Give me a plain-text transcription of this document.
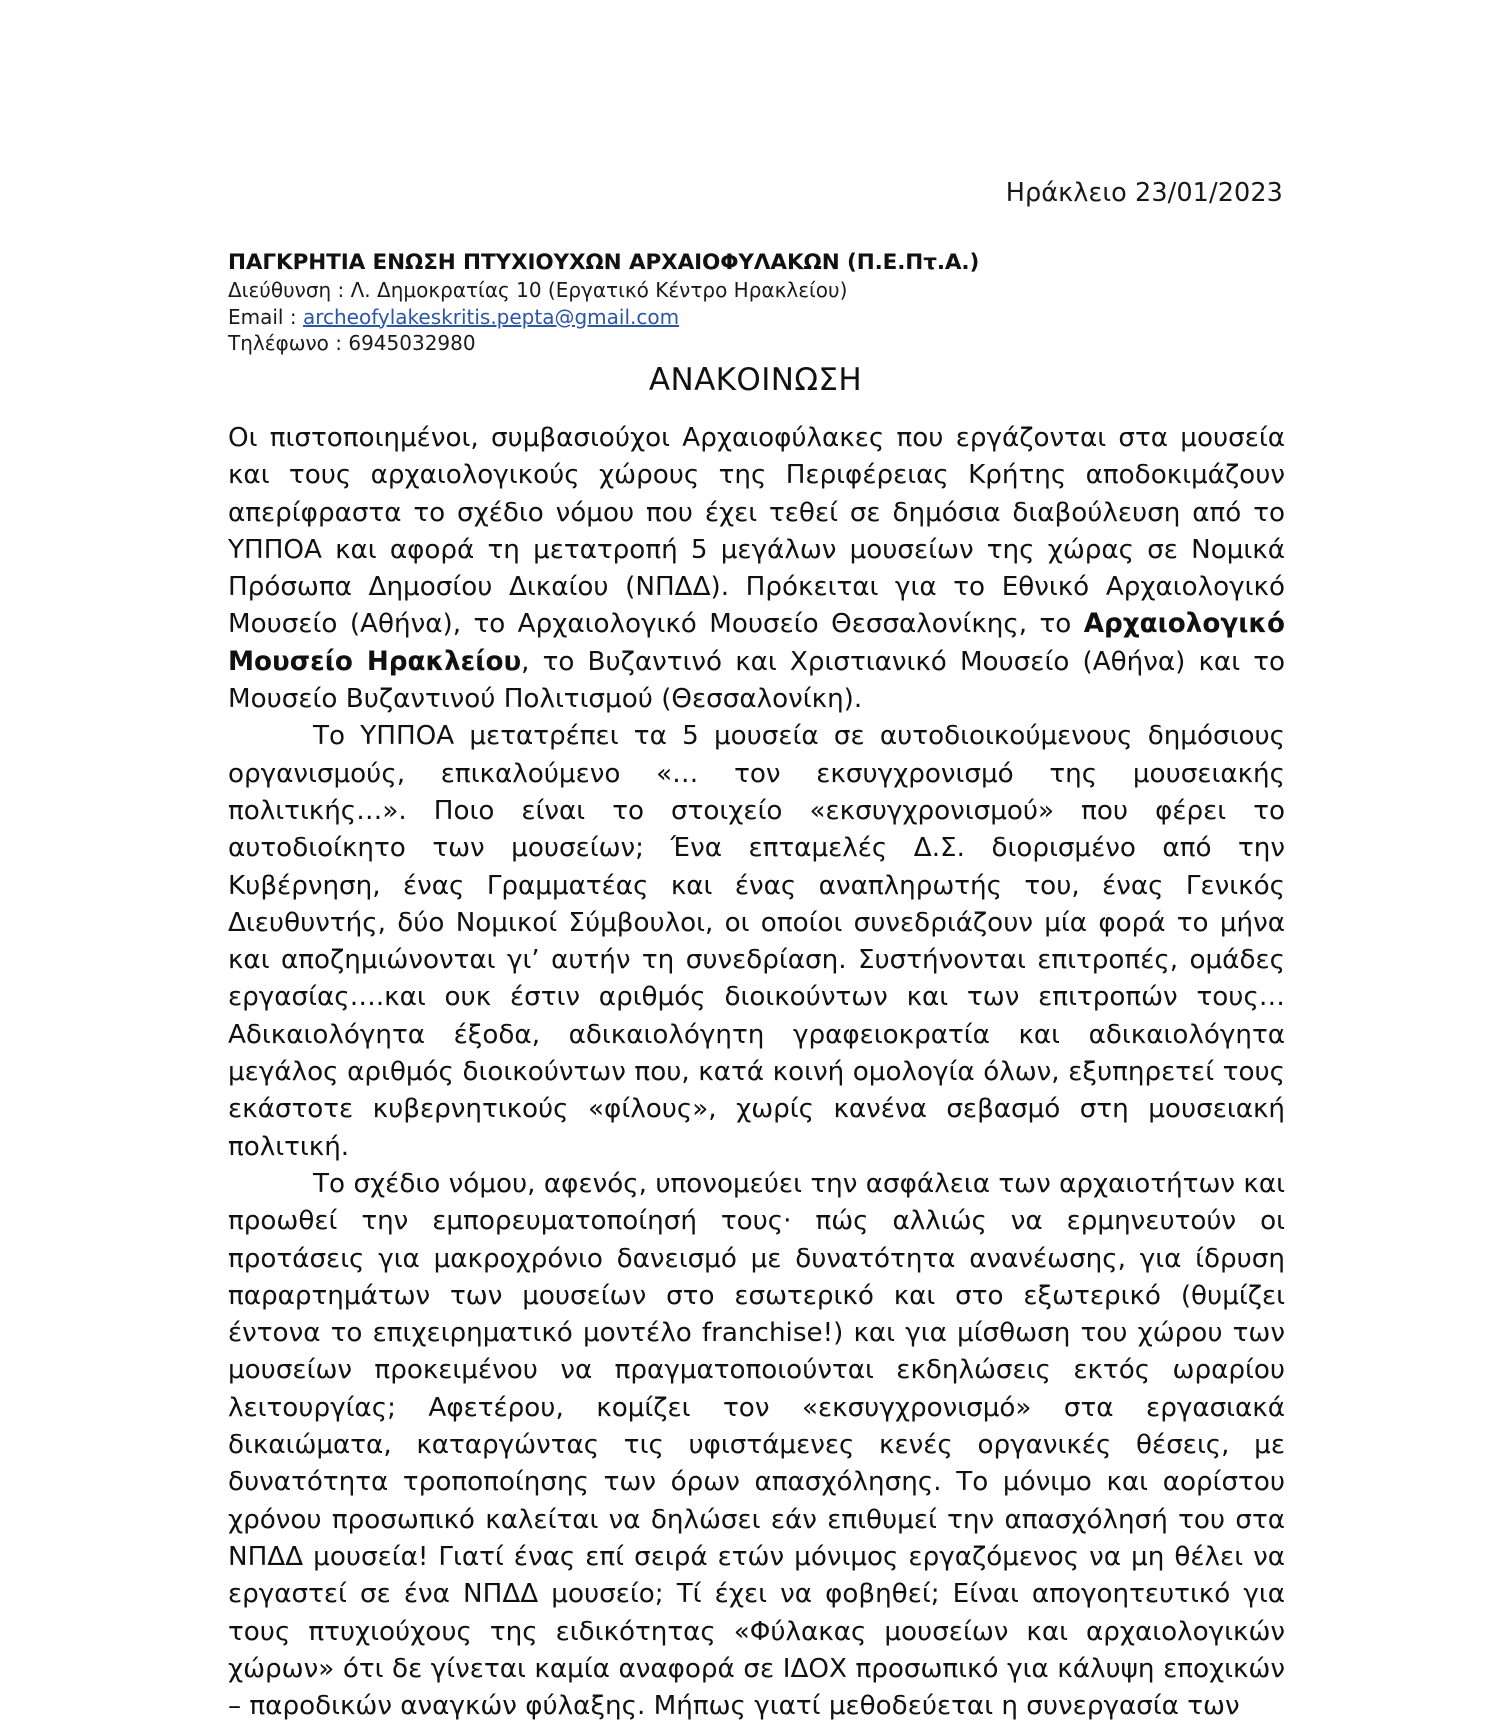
Ηράκλειο 23/01/2023
ΠΑΓΚΡΗΤΙΑ ΕΝΩΣΗ ΠΤΥΧΙΟΥΧΩΝ ΑΡΧΑΙΟΦΥΛΑΚΩΝ (Π.Ε.Πτ.Α.)
Διεύθυνση : Λ. Δημοκρατίας 10 (Εργατικό Κέντρο Ηρακλείου)
Email : archeofylakeskritis.pepta@gmail.com
Τηλέφωνο : 6945032980
ΑΝΑΚΟΙΝΩΣΗ

Οι πιστοποιημένοι, συμβασιούχοι Αρχαιοφύλακες που εργάζονται στα μουσεία και τους αρχαιολογικούς χώρους της Περιφέρειας Κρήτης αποδοκιμάζουν απερίφραστα το σχέδιο νόμου που έχει τεθεί σε δημόσια διαβούλευση από το ΥΠΠΟΑ και αφορά τη μετατροπή 5 μεγάλων μουσείων της χώρας σε Νομικά Πρόσωπα Δημοσίου Δικαίου (ΝΠΔΔ). Πρόκειται για το Εθνικό Αρχαιολογικό Μουσείο (Αθήνα), το Αρχαιολογικό Μουσείο Θεσσαλονίκης, το Αρχαιολογικό Μουσείο Ηρακλείου, το Βυζαντινό και Χριστιανικό Μουσείο (Αθήνα) και το Μουσείο Βυζαντινού Πολιτισμού (Θεσσαλονίκη).

Το ΥΠΠΟΑ μετατρέπει τα 5 μουσεία σε αυτοδιοικούμενους δημόσιους οργανισμούς, επικαλούμενο «… τον εκσυγχρονισμό της μουσειακής πολιτικής…». Ποιο είναι το στοιχείο «εκσυγχρονισμού» που φέρει το αυτοδιοίκητο των μουσείων; Ένα επταμελές Δ.Σ. διορισμένο από την Κυβέρνηση, ένας Γραμματέας και ένας αναπληρωτής του, ένας Γενικός Διευθυντής, δύο Νομικοί Σύμβουλοι, οι οποίοι συνεδριάζουν μία φορά το μήνα και αποζημιώνονται γι’ αυτήν τη συνεδρίαση. Συστήνονται επιτροπές, ομάδες εργασίας….και ουκ έστιν αριθμός διοικούντων και των επιτροπών τους… Αδικαιολόγητα έξοδα, αδικαιολόγητη γραφειοκρατία και αδικαιολόγητα μεγάλος αριθμός διοικούντων που, κατά κοινή ομολογία όλων, εξυπηρετεί τους εκάστοτε κυβερνητικούς «φίλους», χωρίς κανένα σεβασμό στη μουσειακή πολιτική.

Το σχέδιο νόμου, αφενός, υπονομεύει την ασφάλεια των αρχαιοτήτων και προωθεί την εμπορευματοποίησή τους· πώς αλλιώς να ερμηνευτούν οι προτάσεις για μακροχρόνιο δανεισμό με δυνατότητα ανανέωσης, για ίδρυση παραρτημάτων των μουσείων στο εσωτερικό και στο εξωτερικό (θυμίζει έντονα το επιχειρηματικό μοντέλο franchise!) και για μίσθωση του χώρου των μουσείων προκειμένου να πραγματοποιούνται εκδηλώσεις εκτός ωραρίου λειτουργίας; Αφετέρου, κομίζει τον «εκσυγχρονισμό» στα εργασιακά δικαιώματα, καταργώντας τις υφιστάμενες κενές οργανικές θέσεις, με δυνατότητα τροποποίησης των όρων απασχόλησης. Το μόνιμο και αορίστου χρόνου προσωπικό καλείται να δηλώσει εάν επιθυμεί την απασχόλησή του στα ΝΠΔΔ μουσεία! Γιατί ένας επί σειρά ετών μόνιμος εργαζόμενος να μη θέλει να εργαστεί σε ένα ΝΠΔΔ μουσείο; Τί έχει να φοβηθεί; Είναι απογοητευτικό για τους πτυχιούχους της ειδικότητας «Φύλακας μουσείων και αρχαιολογικών χώρων» ότι δε γίνεται καμία αναφορά σε ΙΔΟΧ προσωπικό για κάλυψη εποχικών – παροδικών αναγκών φύλαξης. Μήπως γιατί μεθοδεύεται η συνεργασία των
